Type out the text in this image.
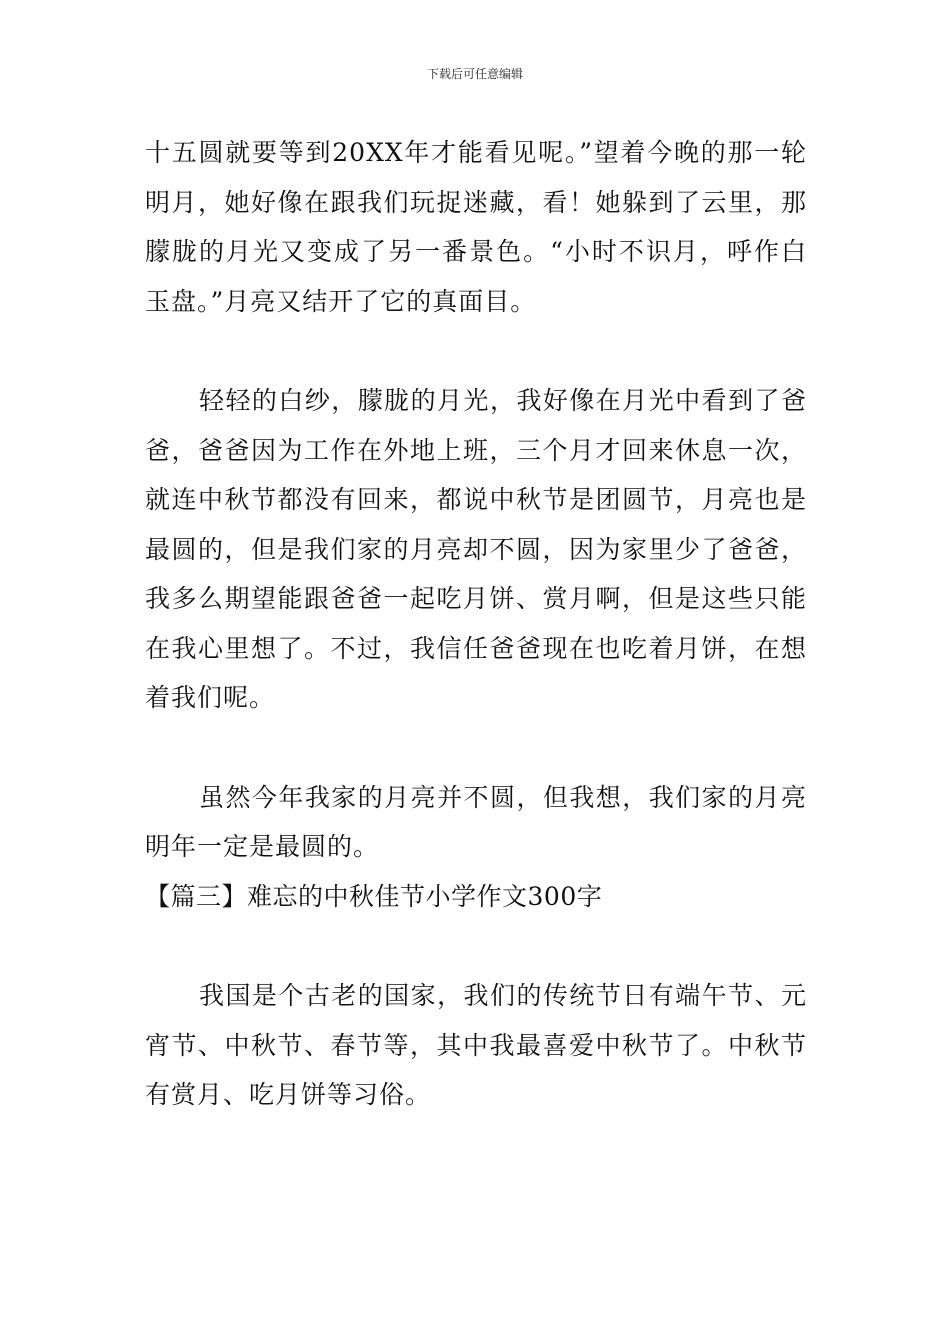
下载后可任意编辑

十五圆就要等到20XX年才能看见呢。”望着今晚的那一轮明月，她好像在跟我们玩捉迷藏，看！她躲到了云里，那朦胧的月光又变成了另一番景色。“小时不识月，呼作白玉盘。”月亮又结开了它的真面目。

轻轻的白纱，朦胧的月光，我好像在月光中看到了爸爸，爸爸因为工作在外地上班，三个月才回来休息一次，就连中秋节都没有回来，都说中秋节是团圆节，月亮也是最圆的，但是我们家的月亮却不圆，因为家里少了爸爸，我多么期望能跟爸爸一起吃月饼、赏月啊，但是这些只能在我心里想了。不过，我信任爸爸现在也吃着月饼，在想着我们呢。

虽然今年我家的月亮并不圆，但我想，我们家的月亮明年一定是最圆的。

【篇三】难忘的中秋佳节小学作文300字

我国是个古老的国家，我们的传统节日有端午节、元宵节、中秋节、春节等，其中我最喜爱中秋节了。中秋节有赏月、吃月饼等习俗。
